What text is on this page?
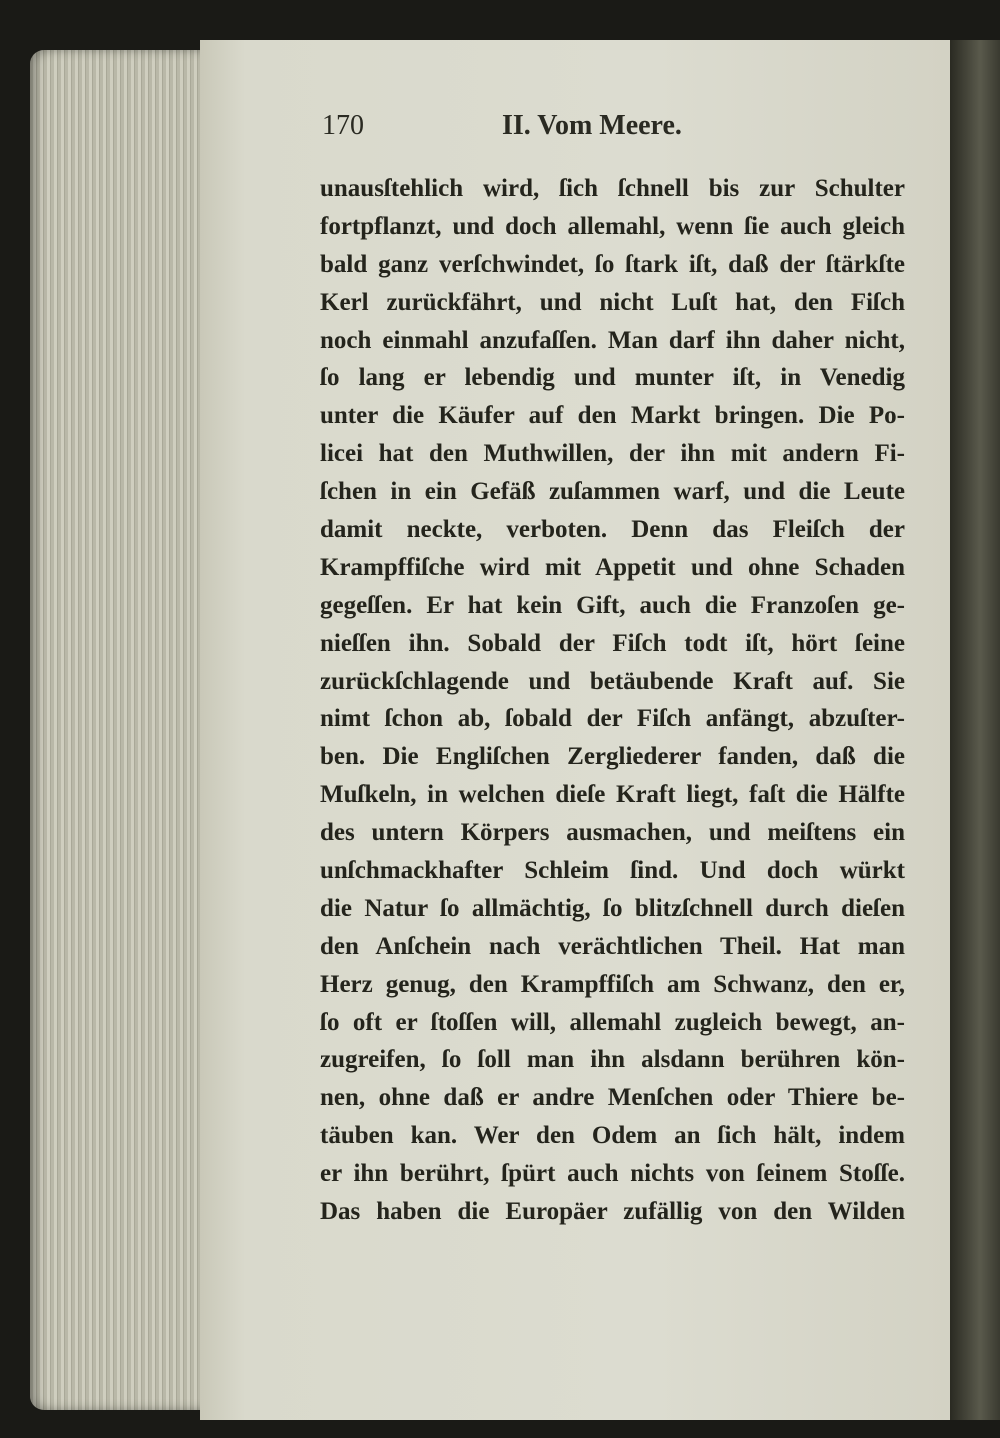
170	II. Vom Meere.
unausſtehlich wird, ſich ſchnell bis zur Schulter
fortpflanzt, und doch allemahl, wenn ſie auch gleich
bald ganz verſchwindet, ſo ſtark iſt, daß der ſtärkſte
Kerl zurückfährt, und nicht Luſt hat, den Fiſch
noch einmahl anzufaſſen. Man darf ihn daher nicht,
ſo lang er lebendig und munter iſt, in Venedig
unter die Käufer auf den Markt bringen. Die Po-
licei hat den Muthwillen, der ihn mit andern Fi-
ſchen in ein Gefäß zuſammen warf, und die Leute
damit neckte, verboten. Denn das Fleiſch der
Krampffiſche wird mit Appetit und ohne Schaden
gegeſſen. Er hat kein Gift, auch die Franzoſen ge-
nieſſen ihn. Sobald der Fiſch todt iſt, hört ſeine
zurückſchlagende und betäubende Kraft auf. Sie
nimt ſchon ab, ſobald der Fiſch anfängt, abzuſter-
ben. Die Engliſchen Zergliederer fanden, daß die
Muſkeln, in welchen dieſe Kraft liegt, faſt die Hälfte
des untern Körpers ausmachen, und meiſtens ein
unſchmackhafter Schleim ſind. Und doch würkt
die Natur ſo allmächtig, ſo blitzſchnell durch dieſen
den Anſchein nach verächtlichen Theil. Hat man
Herz genug, den Krampffiſch am Schwanz, den er,
ſo oft er ſtoſſen will, allemahl zugleich bewegt, an-
zugreifen, ſo ſoll man ihn alsdann berühren kön-
nen, ohne daß er andre Menſchen oder Thiere be-
täuben kan. Wer den Odem an ſich hält, indem
er ihn berührt, ſpürt auch nichts von ſeinem Stoſſe.
Das haben die Europäer zufällig von den Wilden
